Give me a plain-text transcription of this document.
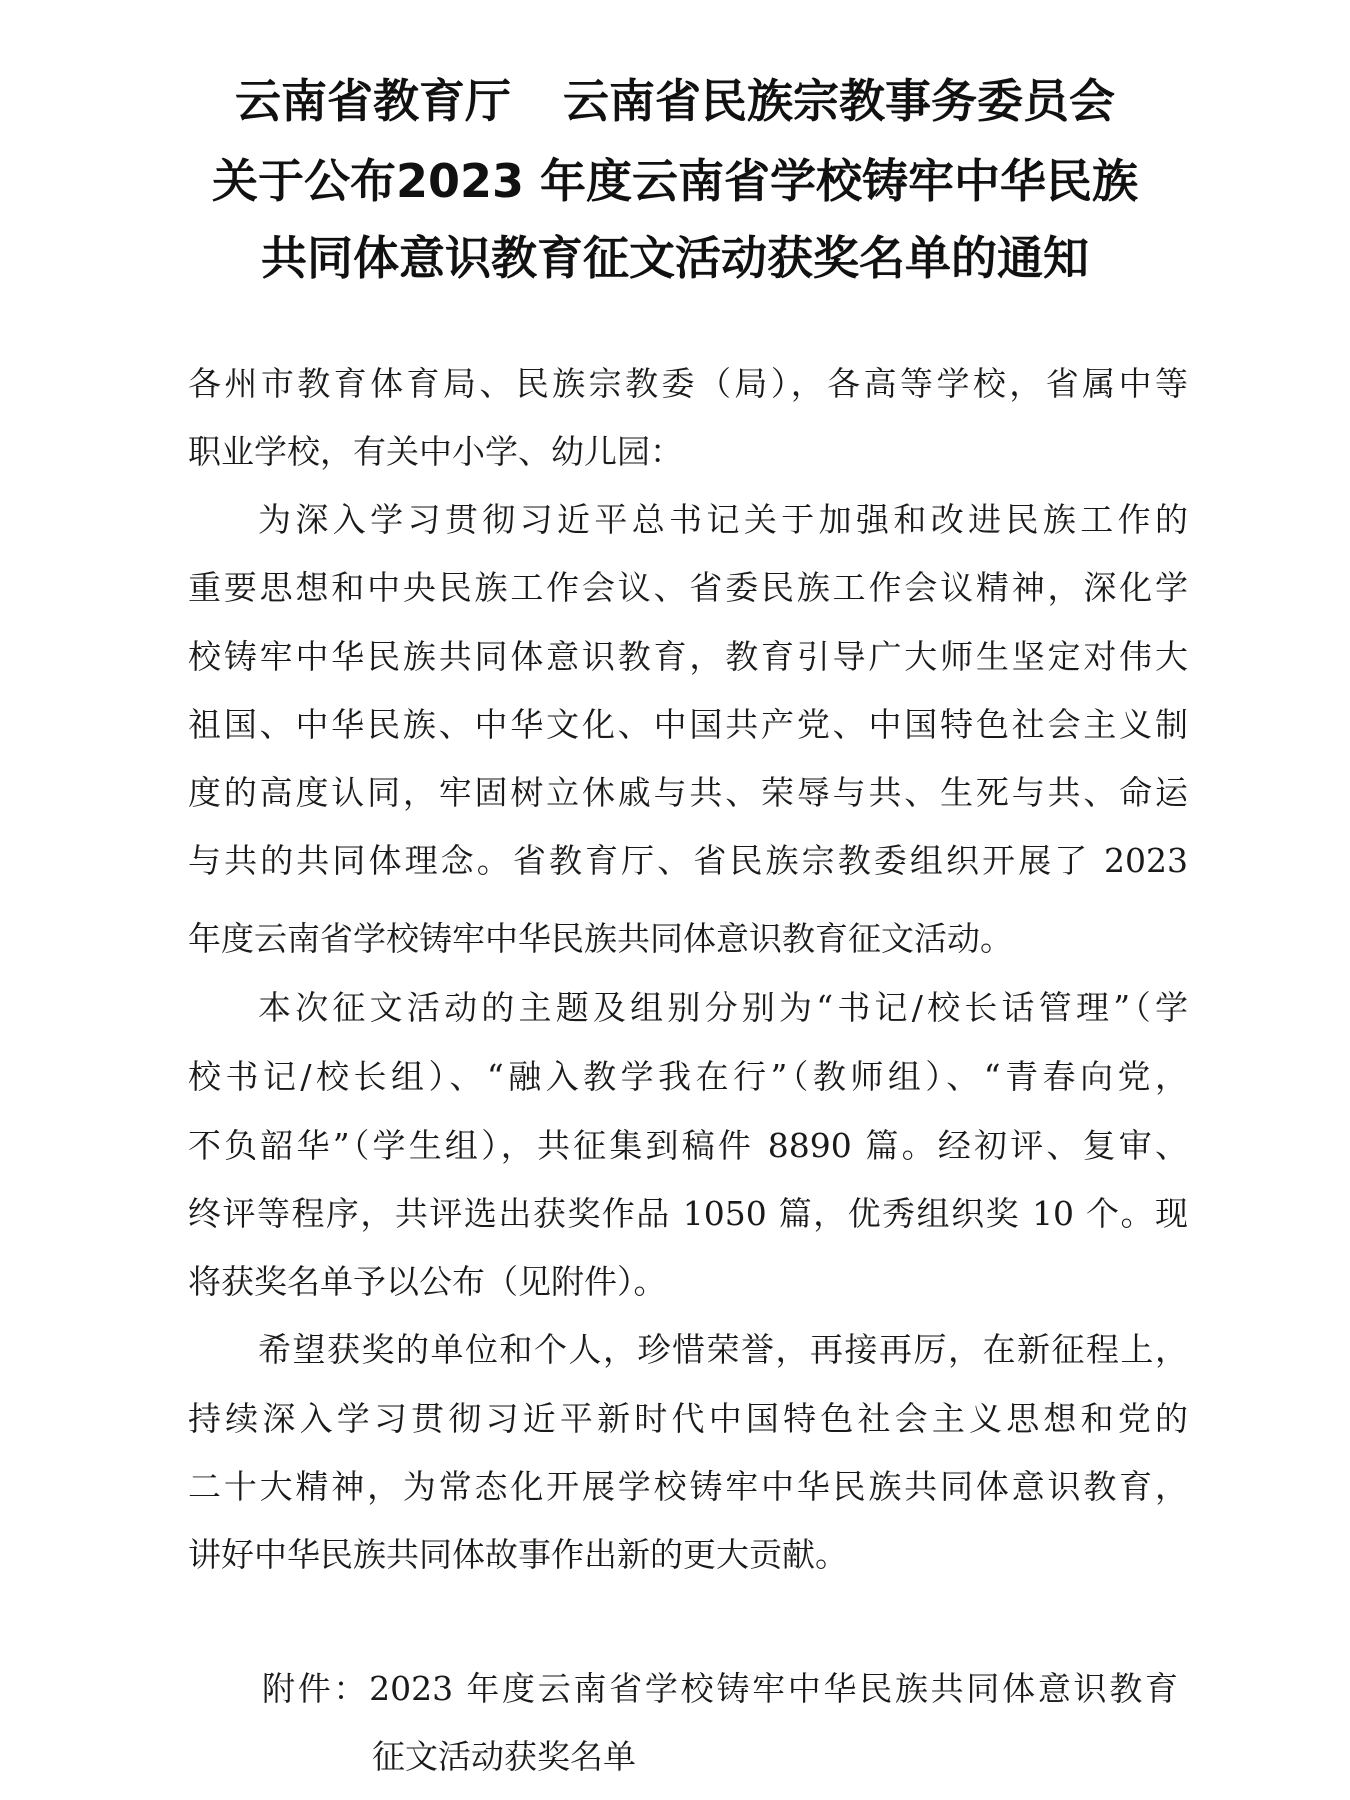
云南省教育厅 云南省民族宗教事务委员会
关于公布2023 年度云南省学校铸牢中华民族
共同体意识教育征文活动获奖名单的通知
各州市教育体育局、民族宗教委（局），各高等学校，省属中等
职业学校，有关中小学、幼儿园：
为深入学习贯彻习近平总书记关于加强和改进民族工作的
重要思想和中央民族工作会议、省委民族工作会议精神，深化学
校铸牢中华民族共同体意识教育，教育引导广大师生坚定对伟大
祖国、中华民族、中华文化、中国共产党、中国特色社会主义制
度的高度认同，牢固树立休戚与共、荣辱与共、生死与共、命运
与共的共同体理念。省教育厅、省民族宗教委组织开展了 2023
年度云南省学校铸牢中华民族共同体意识教育征文活动。
本次征文活动的主题及组别分别为“书记/校长话管理”（学
校书记/校长组）、“融入教学我在行”（教师组）、“青春向党，
不负韶华”（学生组），共征集到稿件 8890 篇。经初评、复审、
终评等程序，共评选出获奖作品 1050 篇，优秀组织奖 10 个。现
将获奖名单予以公布（见附件）。
希望获奖的单位和个人，珍惜荣誉，再接再厉，在新征程上，
持续深入学习贯彻习近平新时代中国特色社会主义思想和党的
二十大精神，为常态化开展学校铸牢中华民族共同体意识教育，
讲好中华民族共同体故事作出新的更大贡献。
附件：2023 年度云南省学校铸牢中华民族共同体意识教育
征文活动获奖名单
